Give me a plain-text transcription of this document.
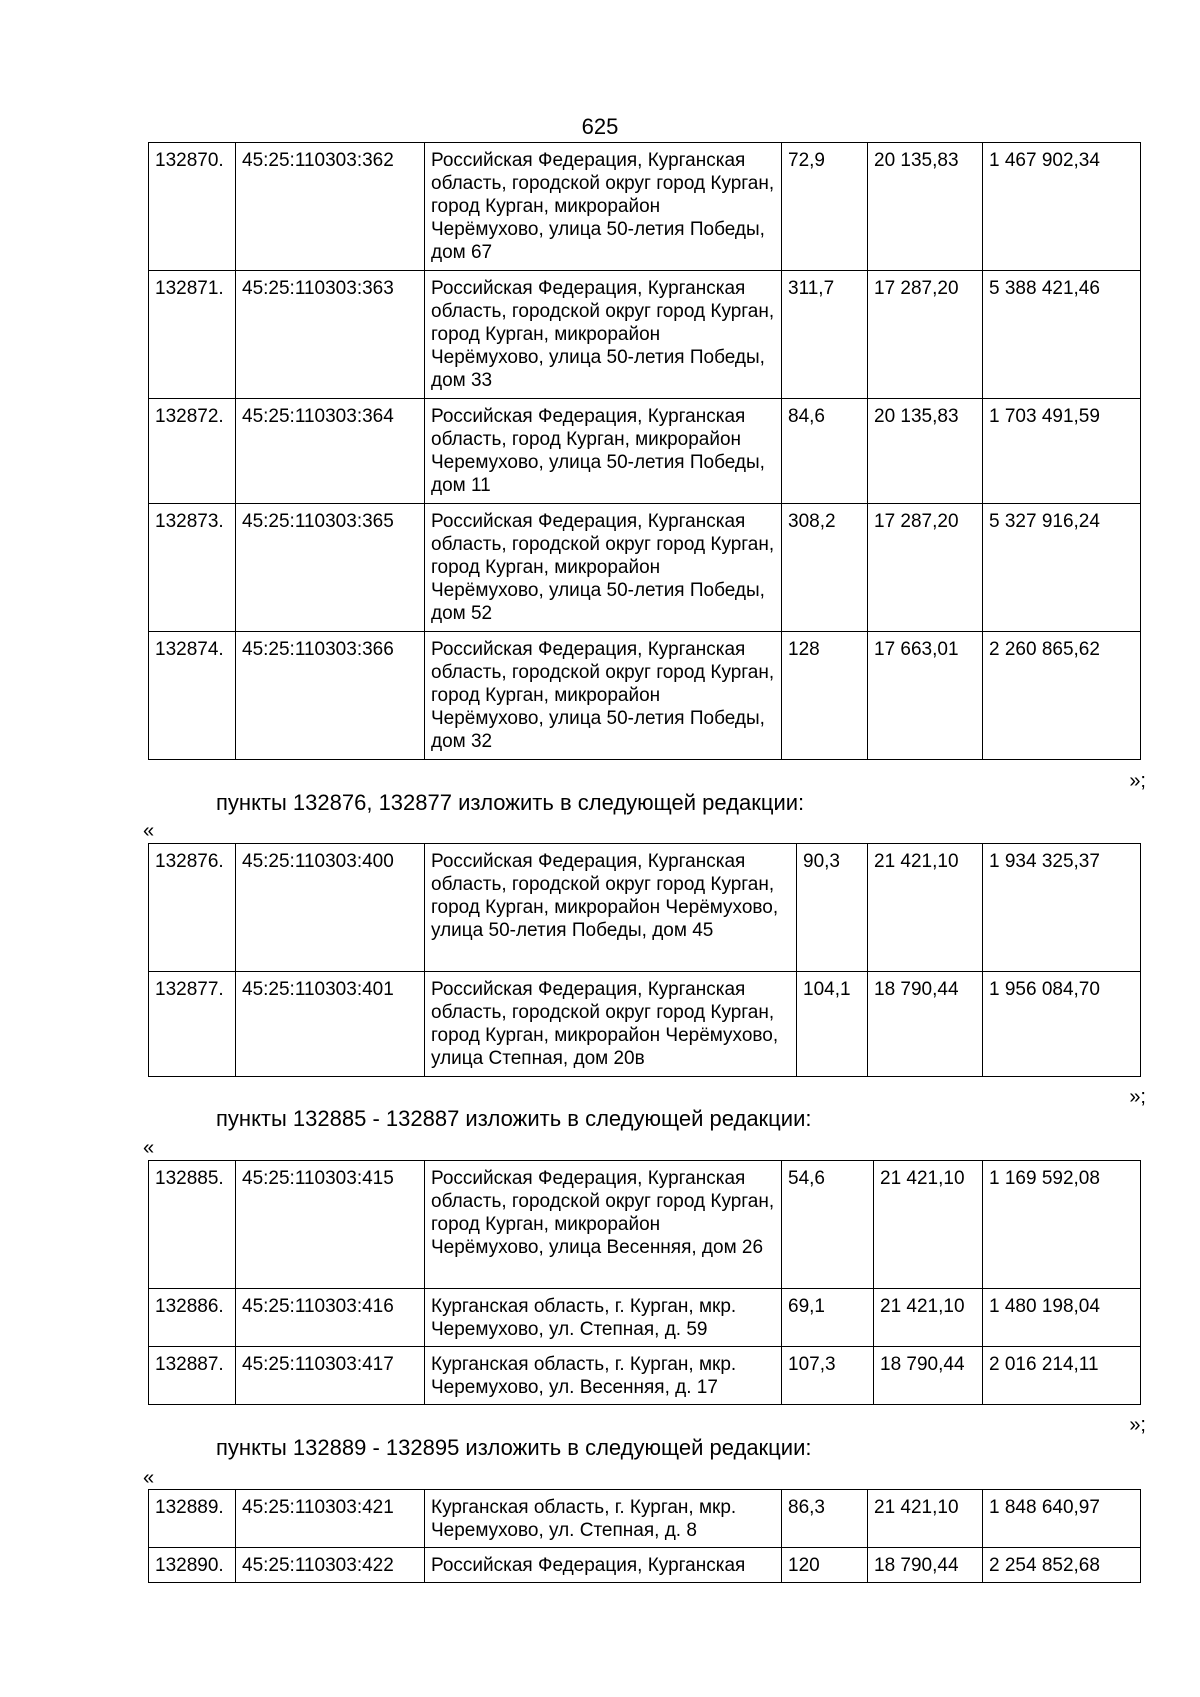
625
132870.	45:25:110303:362	Российская Федерация, Курганская область, городской округ город Курган, город Курган, микрорайон Черёмухово, улица 50-летия Победы, дом 67	72,9	20 135,83	1 467 902,34
132871.	45:25:110303:363	Российская Федерация, Курганская область, городской округ город Курган, город Курган, микрорайон Черёмухово, улица 50-летия Победы, дом 33	311,7	17 287,20	5 388 421,46
132872.	45:25:110303:364	Российская Федерация, Курганская область, город Курган, микрорайон Черемухово, улица 50-летия Победы, дом 11	84,6	20 135,83	1 703 491,59
132873.	45:25:110303:365	Российская Федерация, Курганская область, городской округ город Курган, город Курган, микрорайон Черёмухово, улица 50-летия Победы, дом 52	308,2	17 287,20	5 327 916,24
132874.	45:25:110303:366	Российская Федерация, Курганская область, городской округ город Курган, город Курган, микрорайон Черёмухово, улица 50-летия Победы, дом 32	128	17 663,01	2 260 865,62
»;
пункты 132876, 132877 изложить в следующей редакции:
«
132876.	45:25:110303:400	Российская Федерация, Курганская область, городской округ город Курган, город Курган, микрорайон Черёмухово, улица 50-летия Победы, дом 45	90,3	21 421,10	1 934 325,37
132877.	45:25:110303:401	Российская Федерация, Курганская область, городской округ город Курган, город Курган, микрорайон Черёмухово, улица Степная, дом 20в	104,1	18 790,44	1 956 084,70
»;
пункты 132885 - 132887 изложить в следующей редакции:
«
132885.	45:25:110303:415	Российская Федерация, Курганская область, городской округ город Курган, город Курган, микрорайон Черёмухово, улица Весенняя, дом 26	54,6	21 421,10	1 169 592,08
132886.	45:25:110303:416	Курганская область, г. Курган, мкр. Черемухово, ул. Степная, д. 59	69,1	21 421,10	1 480 198,04
132887.	45:25:110303:417	Курганская область, г. Курган, мкр. Черемухово, ул. Весенняя, д. 17	107,3	18 790,44	2 016 214,11
»;
пункты 132889 - 132895 изложить в следующей редакции:
«
132889.	45:25:110303:421	Курганская область, г. Курган, мкр. Черемухово, ул. Степная, д. 8	86,3	21 421,10	1 848 640,97
132890.	45:25:110303:422	Российская Федерация, Курганская	120	18 790,44	2 254 852,68
